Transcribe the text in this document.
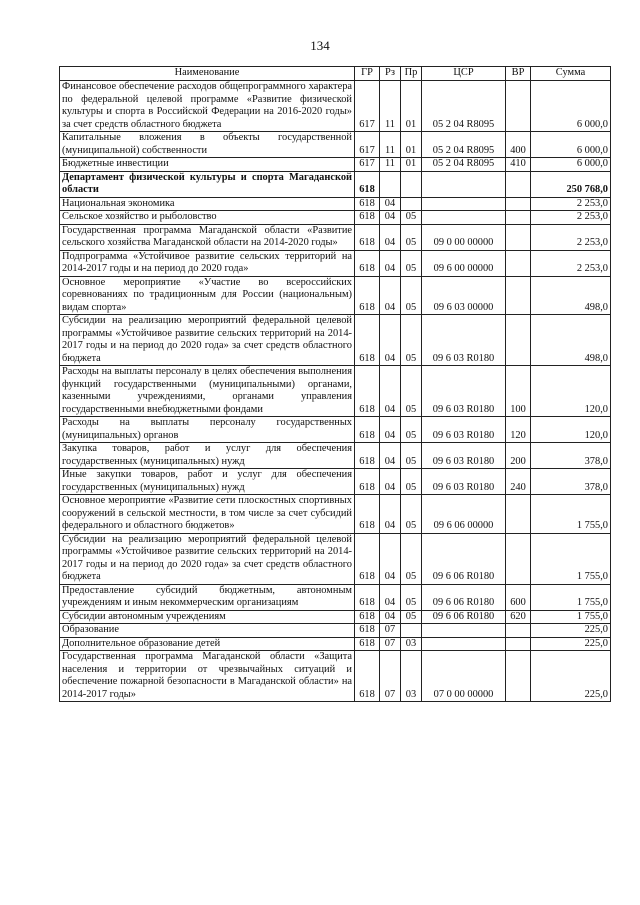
134
Наименование	ГР	Рз	Пр	ЦСР	ВР	Сумма
Финансовое обеспечение расходов общепрограммного характера по федеральной целевой программе «Развитие физической культуры и спорта в Российской Федерации на 2016-2020 годы» за счет средств областного бюджета	617	11	01	05 2 04 R8095		6 000,0
Капитальные вложения в объекты государственной (муниципальной) собственности	617	11	01	05 2 04 R8095	400	6 000,0
Бюджетные инвестиции	617	11	01	05 2 04 R8095	410	6 000,0
Департамент физической культуры и спорта Магаданской области	618					250 768,0
Национальная экономика	618	04				2 253,0
Сельское хозяйство и рыболовство	618	04	05			2 253,0
Государственная программа Магаданской области «Развитие сельского хозяйства Магаданской области на 2014-2020 годы»	618	04	05	09 0 00 00000		2 253,0
Подпрограмма «Устойчивое развитие сельских территорий на 2014-2017 годы и на период до 2020 года»	618	04	05	09 6 00 00000		2 253,0
Основное мероприятие «Участие во всероссийских соревнованиях по традиционным для России (национальным) видам спорта»	618	04	05	09 6 03 00000		498,0
Субсидии на реализацию мероприятий федеральной целевой программы «Устойчивое развитие сельских территорий на 2014-2017 годы и на период до 2020 года» за счет средств областного бюджета	618	04	05	09 6 03 R0180		498,0
Расходы на выплаты персоналу в целях обеспечения выполнения функций государственными (муниципальными) органами, казенными учреждениями, органами управления государственными внебюджетными фондами	618	04	05	09 6 03 R0180	100	120,0
Расходы на выплаты персоналу государственных (муниципальных) органов	618	04	05	09 6 03 R0180	120	120,0
Закупка товаров, работ и услуг для обеспечения государственных (муниципальных) нужд	618	04	05	09 6 03 R0180	200	378,0
Иные закупки товаров, работ и услуг для обеспечения государственных (муниципальных) нужд	618	04	05	09 6 03 R0180	240	378,0
Основное мероприятие «Развитие сети плоскостных спортивных сооружений в сельской местности, в том числе за счет субсидий федерального и областного бюджетов»	618	04	05	09 6 06 00000		1 755,0
Субсидии на реализацию мероприятий федеральной целевой программы «Устойчивое развитие сельских территорий на 2014-2017 годы и на период до 2020 года» за счет средств областного бюджета	618	04	05	09 6 06 R0180		1 755,0
Предоставление субсидий бюджетным, автономным учреждениям и иным некоммерческим организациям	618	04	05	09 6 06 R0180	600	1 755,0
Субсидии автономным учреждениям	618	04	05	09 6 06 R0180	620	1 755,0
Образование	618	07				225,0
Дополнительное образование детей	618	07	03			225,0
Государственная программа Магаданской области «Защита населения и территории от чрезвычайных ситуаций и обеспечение пожарной безопасности в Магаданской области» на 2014-2017 годы»	618	07	03	07 0 00 00000		225,0
